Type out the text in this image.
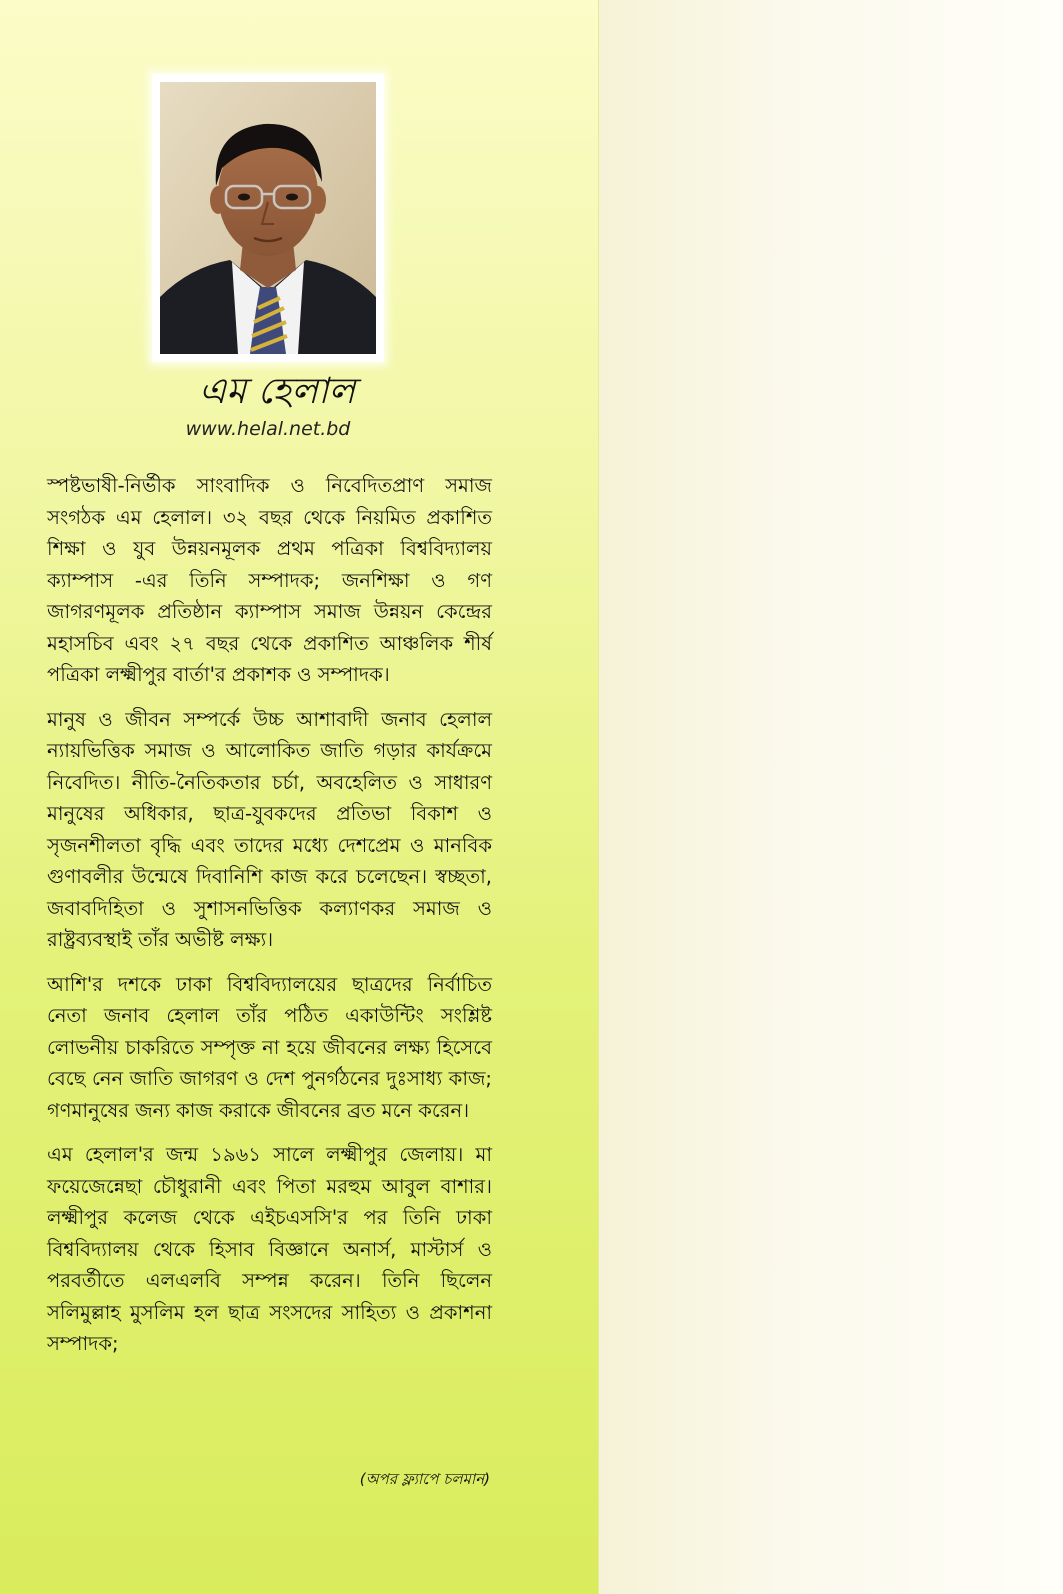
এম হেলাল
www.helal.net.bd

স্পষ্টভাষী-নির্ভীক সাংবাদিক ও নিবেদিতপ্রাণ সমাজ সংগঠক এম হেলাল। ৩২ বছর থেকে নিয়মিত প্রকাশিত শিক্ষা ও যুব উন্নয়নমূলক প্রথম পত্রিকা বিশ্ববিদ্যালয় ক্যাম্পাস -এর তিনি সম্পাদক; জনশিক্ষা ও গণ জাগরণমূলক প্রতিষ্ঠান ক্যাম্পাস সমাজ উন্নয়ন কেন্দ্রের মহাসচিব এবং ২৭ বছর থেকে প্রকাশিত আঞ্চলিক শীর্ষ পত্রিকা লক্ষ্মীপুর বার্তা'র প্রকাশক ও সম্পাদক।

মানুষ ও জীবন সম্পর্কে উচ্চ আশাবাদী জনাব হেলাল ন্যায়ভিত্তিক সমাজ ও আলোকিত জাতি গড়ার কার্যক্রমে নিবেদিত। নীতি-নৈতিকতার চর্চা, অবহেলিত ও সাধারণ মানুষের অধিকার, ছাত্র-যুবকদের প্রতিভা বিকাশ ও সৃজনশীলতা বৃদ্ধি এবং তাদের মধ্যে দেশপ্রেম ও মানবিক গুণাবলীর উন্মেষে দিবানিশি কাজ করে চলেছেন। স্বচ্ছতা, জবাবদিহিতা ও সুশাসনভিত্তিক কল্যাণকর সমাজ ও রাষ্ট্রব্যবস্থাই তাঁর অভীষ্ট লক্ষ্য।

আশি'র দশকে ঢাকা বিশ্ববিদ্যালয়ের ছাত্রদের নির্বাচিত নেতা জনাব হেলাল তাঁর পঠিত একাউন্টিং সংশ্লিষ্ট লোভনীয় চাকরিতে সম্পৃক্ত না হয়ে জীবনের লক্ষ্য হিসেবে বেছে নেন জাতি জাগরণ ও দেশ পুনর্গঠনের দুঃসাধ্য কাজ; গণমানুষের জন্য কাজ করাকে জীবনের ব্রত মনে করেন।

এম হেলাল'র জন্ম ১৯৬১ সালে লক্ষ্মীপুর জেলায়। মা ফয়েজেন্নেছা চৌধুরানী এবং পিতা মরহুম আবুল বাশার। লক্ষ্মীপুর কলেজ থেকে এইচএসসি'র পর তিনি ঢাকা বিশ্ববিদ্যালয় থেকে হিসাব বিজ্ঞানে অনার্স, মাস্টার্স ও পরবর্তীতে এলএলবি সম্পন্ন করেন। তিনি ছিলেন সলিমুল্লাহ মুসলিম হল ছাত্র সংসদের সাহিত্য ও প্রকাশনা সম্পাদক;

(অপর ফ্ল্যাপে চলমান)
